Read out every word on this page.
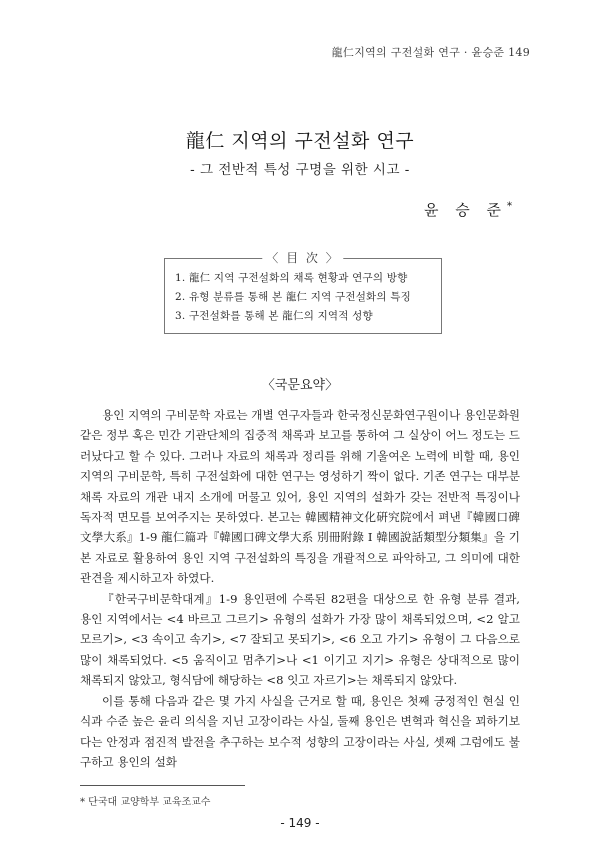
龍仁지역의 구전설화 연구 · 윤승준 149
龍仁 지역의 구전설화 연구
- 그 전반적 특성 구명을 위한 시고 -
윤 승 준*
〈 目 次 〉
1. 龍仁 지역 구전설화의 채록 현황과 연구의 방향
2. 유형 분류를 통해 본 龍仁 지역 구전설화의 특징
3. 구전설화를 통해 본 龍仁의 지역적 성향
〈국문요약〉

용인 지역의 구비문학 자료는 개별 연구자들과 한국정신문화연구원이나 용인문화원 같은 정부 혹은 민간 기관단체의 집중적 채록과 보고를 통하여 그 실상이 어느 정도는 드러났다고 할 수 있다. 그러나 자료의 채록과 정리를 위해 기울여온 노력에 비할 때, 용인 지역의 구비문학, 특히 구전설화에 대한 연구는 영성하기 짝이 없다. 기존 연구는 대부분 채록 자료의 개관 내지 소개에 머물고 있어, 용인 지역의 설화가 갖는 전반적 특징이나 독자적 면모를 보여주지는 못하였다. 본고는 韓國精神文化硏究院에서 펴낸『韓國口碑文學大系』1-9 龍仁篇과『韓國口碑文學大系 別冊附錄 Ⅰ 韓國說話類型分類集』을 기본 자료로 활용하여 용인 지역 구전설화의 특징을 개괄적으로 파악하고, 그 의미에 대한 관견을 제시하고자 하였다.

『한국구비문학대계』1-9 용인편에 수록된 82편을 대상으로 한 유형 분류 결과, 용인 지역에서는 <4 바르고 그르기> 유형의 설화가 가장 많이 채록되었으며, <2 알고 모르기>, <3 속이고 속기>, <7 잘되고 못되기>, <6 오고 가기> 유형이 그 다음으로 많이 채록되었다. <5 움직이고 멈추기>나 <1 이기고 지기> 유형은 상대적으로 많이 채록되지 않았고, 형식담에 해당하는 <8 잇고 자르기>는 채록되지 않았다.

이를 통해 다음과 같은 몇 가지 사실을 근거로 할 때, 용인은 첫째 긍정적인 현실 인식과 수준 높은 윤리 의식을 지닌 고장이라는 사실, 둘째 용인은 변혁과 혁신을 꾀하기보다는 안정과 점진적 발전을 추구하는 보수적 성향의 고장이라는 사실, 셋째 그럼에도 불구하고 용인의 설화

* 단국대 교양학부 교육조교수
- 149 -
